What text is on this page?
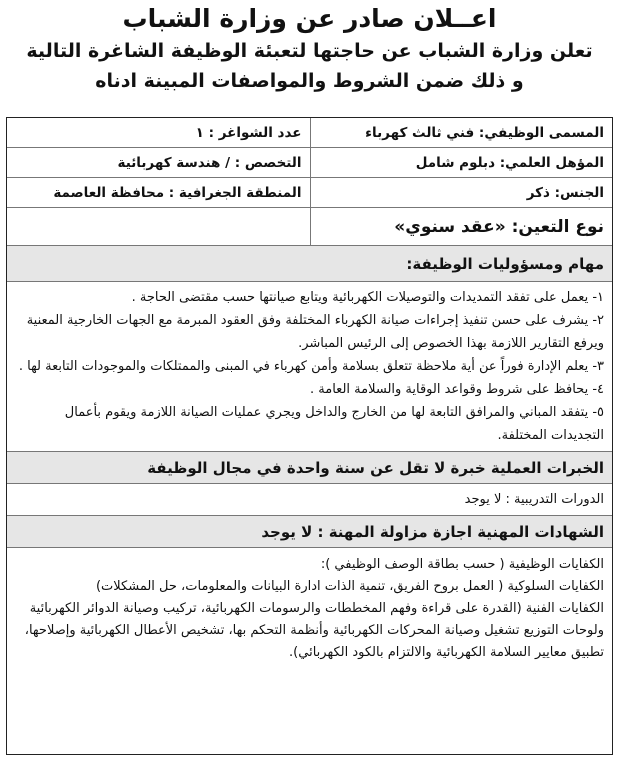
اعــلان صادر عن وزارة الشباب
تعلن وزارة الشباب عن حاجتها لتعبئة الوظيفة الشاغرة التالية
و ذلك ضمن الشروط والمواصفات المبينة ادناه
المسمى الوظيفي: فني ثالث كهرباء
عدد الشواغر : ١
المؤهل العلمي: دبلوم شامل
التخصص : / هندسة كهربائية
الجنس: ذكر
المنطقة الجغرافية : محافظة العاصمة
نوع التعين: «عقد سنوي»
مهام ومسؤوليات الوظيفة:

١- يعمل على تفقد التمديدات والتوصيلات الكهربائية ويتابع صيانتها حسب مقتضى الحاجة .

٢- يشرف على حسن تنفيذ إجراءات صيانة الكهرباء المختلفة وفق العقود المبرمة مع الجهات الخارجية المعنية ويرفع التقارير اللازمة بهذا الخصوص إلى الرئيس المباشر.

٣- يعلم الإدارة فوراً عن أية ملاحظة تتعلق بسلامة وأمن كهرباء في المبنى والممتلكات والموجودات التابعة لها .

٤- يحافظ على شروط وقواعد الوقاية والسلامة العامة .

٥- يتفقد المباني والمرافق التابعة لها من الخارج والداخل ويجري عمليات الصيانة اللازمة ويقوم بأعمال التجديدات المختلفة.

الخبرات العملية خبرة لا تقل عن سنة واحدة في مجال الوظيفة
الدورات التدريبية : لا يوجد
الشهادات المهنية اجازة مزاولة المهنة : لا يوجد

الكفايات الوظيفية ( حسب بطاقة الوصف الوظيفي ):

الكفايات السلوكية ( العمل بروح الفريق، تنمية الذات ادارة البيانات والمعلومات، حل المشكلات)

الكفايات الفنية (القدرة على قراءة وفهم المخططات والرسومات الكهربائية، تركيب وصيانة الدوائر الكهربائية ولوحات التوزيع تشغيل وصيانة المحركات الكهربائية وأنظمة التحكم بها، تشخيص الأعطال الكهربائية وإصلاحها، تطبيق معايير السلامة الكهربائية والالتزام بالكود الكهربائي).
